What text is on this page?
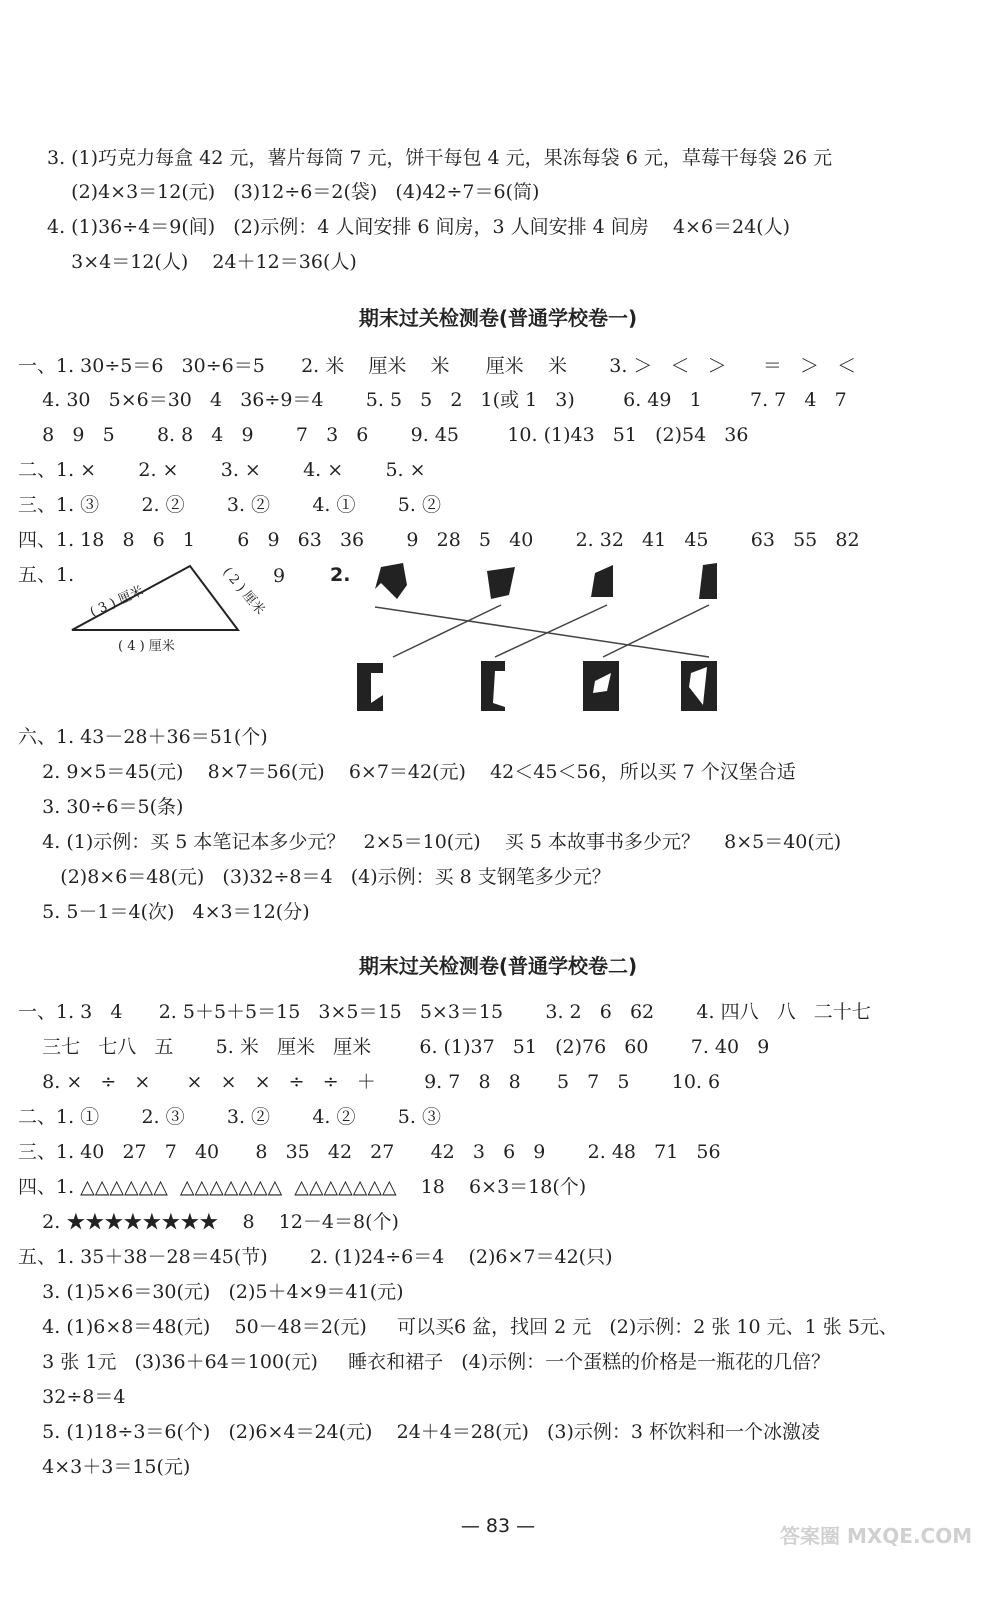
3. (1)巧克力每盒 42 元，薯片每筒 7 元，饼干每包 4 元，果冻每袋 6 元，草莓干每袋 26 元
(2)4×3＝12(元)   (3)12÷6＝2(袋)   (4)42÷7＝6(筒)
4. (1)36÷4＝9(间)   (2)示例：4 人间安排 6 间房，3 人间安排 4 间房    4×6＝24(人)
3×4＝12(人)    24＋12＝36(人)
期末过关检测卷(普通学校卷一)
一、1. 30÷5＝6   30÷6＝5      2. 米    厘米    米      厘米    米       3. ＞   ＜   ＞      ＝   ＞   ＜
4. 30   5×6＝30   4   36÷9＝4       5. 5   5   2   1(或 1   3)        6. 49   1        7. 7   4   7
8   9   5       8. 8   4   9       7   3   6       9. 45        10. (1)43   51   (2)54   36
二、1. ×       2. ×       3. ×       4. ×       5. ×
三、1. ③       2. ②       3. ②       4. ①       5. ②
四、1. 18   8   6   1       6   9   63   36       9   28   5   40       2. 32   41   45       63   55   82
五、1.
( 3 ) 厘米	( 2 ) 厘米
( 4 ) 厘米
9 2.
六、1. 43－28＋36＝51(个)
2. 9×5＝45(元)    8×7＝56(元)    6×7＝42(元)    42＜45＜56，所以买 7 个汉堡合适
3. 30÷6＝5(条)
4. (1)示例：买 5 本笔记本多少元？   2×5＝10(元)    买 5 本故事书多少元？    8×5＝40(元)
(2)8×6＝48(元)   (3)32÷8＝4   (4)示例：买 8 支钢笔多少元？
5. 5－1＝4(次)   4×3＝12(分)
期末过关检测卷(普通学校卷二)
一、1. 3   4      2. 5＋5＋5＝15   3×5＝15   5×3＝15       3. 2   6   62       4. 四八   八   二十七
三七   七八   五       5. 米   厘米   厘米        6. (1)37   51   (2)76   60       7. 40   9
8. ×   ÷   ×      ×   ×   ×   ÷   ÷   ＋        9. 7   8   8      5   7   5       10. 6
二、1. ①       2. ③       3. ②       4. ②       5. ③
三、1. 40   27   7   40      8   35   42   27      42   3   6   9       2. 48   71   56
四、1. △△△△△△  △△△△△△△  △△△△△△△    18    6×3＝18(个)
2. ★★★★★★★★    8    12－4＝8(个)
五、1. 35＋38－28＝45(节)       2. (1)24÷6＝4    (2)6×7＝42(只)
3. (1)5×6＝30(元)   (2)5＋4×9＝41(元)
4. (1)6×8＝48(元)    50－48＝2(元)     可以买6 盆，找回 2 元   (2)示例：2 张 10 元、1 张 5元、
3 张 1元   (3)36＋64＝100(元)     睡衣和裙子   (4)示例：一个蛋糕的价格是一瓶花的几倍？
32÷8＝4
5. (1)18÷3＝6(个)   (2)6×4＝24(元)    24＋4＝28(元)   (3)示例：3 杯饮料和一个冰激凌
4×3＋3＝15(元)
— 83 —	答案圈 MXQE.COM
